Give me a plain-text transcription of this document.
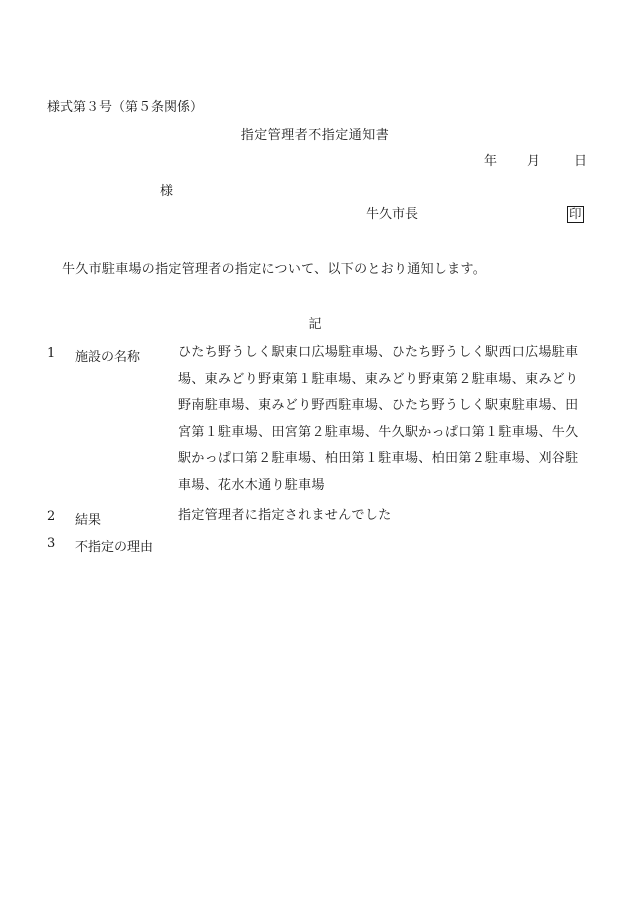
様式第３号（第５条関係）
指定管理者不指定通知書
年 月	日
様
牛久市長	印
牛久市駐車場の指定管理者の指定について、以下のとおり通知します。
記
1 施設の名称	ひたち野うしく駅東口広場駐車場、ひたち野うしく駅西口広場駐車場、東みどり野東第１駐車場、東みどり野東第２駐車場、東みどり野南駐車場、東みどり野西駐車場、ひたち野うしく駅東駐車場、田宮第１駐車場、田宮第２駐車場、牛久駅かっぱ口第１駐車場、牛久駅かっぱ口第２駐車場、柏田第１駐車場、柏田第２駐車場、刈谷駐車場、花水木通り駐車場
2 結果	指定管理者に指定されませんでした
3 不指定の理由
